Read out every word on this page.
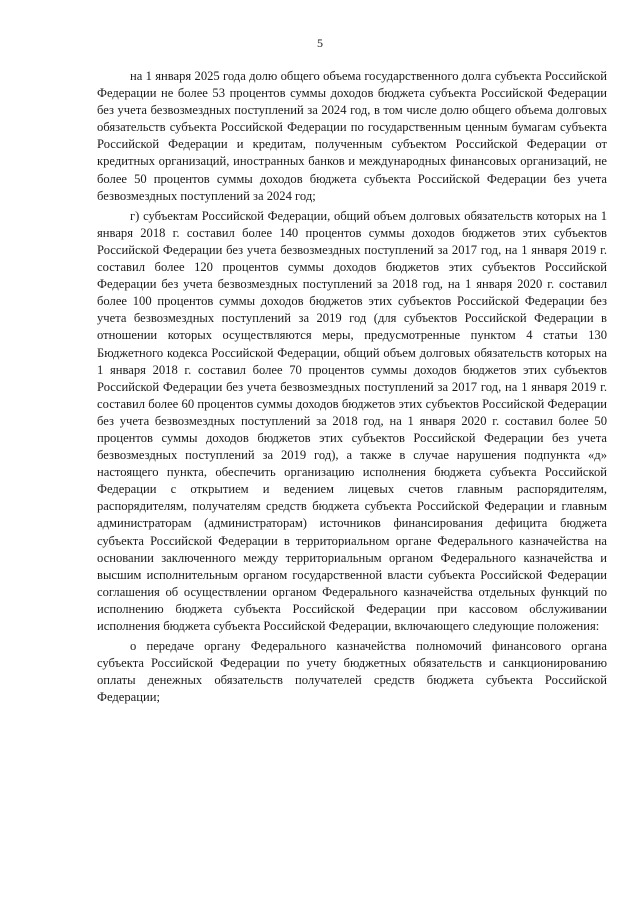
5

на 1 января 2025 года долю общего объема государственного долга субъекта Российской Федерации не более 53 процентов суммы доходов бюджета субъекта Российской Федерации без учета безвозмездных поступлений за 2024 год, в том числе долю общего объема долговых обязательств субъекта Российской Федерации по государственным ценным бумагам субъекта Российской Федерации и кредитам, полученным субъектом Российской Федерации от кредитных организаций, иностранных банков и международных финансовых организаций, не более 50 процентов суммы доходов бюджета субъекта Российской Федерации без учета безвозмездных поступлений за 2024 год;

г) субъектам Российской Федерации, общий объем долговых обязательств которых на 1 января 2018 г. составил более 140 процентов суммы доходов бюджетов этих субъектов Российской Федерации без учета безвозмездных поступлений за 2017 год, на 1 января 2019 г. составил более 120 процентов суммы доходов бюджетов этих субъектов Российской Федерации без учета безвозмездных поступлений за 2018 год, на 1 января 2020 г. составил более 100 процентов суммы доходов бюджетов этих субъектов Российской Федерации без учета безвозмездных поступлений за 2019 год (для субъектов Российской Федерации в отношении которых осуществляются меры, предусмотренные пунктом 4 статьи 130 Бюджетного кодекса Российской Федерации, общий объем долговых обязательств которых на 1 января 2018 г. составил более 70 процентов суммы доходов бюджетов этих субъектов Российской Федерации без учета безвозмездных поступлений за 2017 год, на 1 января 2019 г. составил более 60 процентов суммы доходов бюджетов этих субъектов Российской Федерации без учета безвозмездных поступлений за 2018 год, на 1 января 2020 г. составил более 50 процентов суммы доходов бюджетов этих субъектов Российской Федерации без учета безвозмездных поступлений за 2019 год), а также в случае нарушения подпункта «д» настоящего пункта, обеспечить организацию исполнения бюджета субъекта Российской Федерации с открытием и ведением лицевых счетов главным распорядителям, распорядителям, получателям средств бюджета субъекта Российской Федерации и главным администраторам (администраторам) источников финансирования дефицита бюджета субъекта Российской Федерации в территориальном органе Федерального казначейства на основании заключенного между территориальным органом Федерального казначейства и высшим исполнительным органом государственной власти субъекта Российской Федерации соглашения об осуществлении органом Федерального казначейства отдельных функций по исполнению бюджета субъекта Российской Федерации при кассовом обслуживании исполнения бюджета субъекта Российской Федерации, включающего следующие положения:

о передаче органу Федерального казначейства полномочий финансового органа субъекта Российской Федерации по учету бюджетных обязательств и санкционированию оплаты денежных обязательств получателей средств бюджета субъекта Российской Федерации;
